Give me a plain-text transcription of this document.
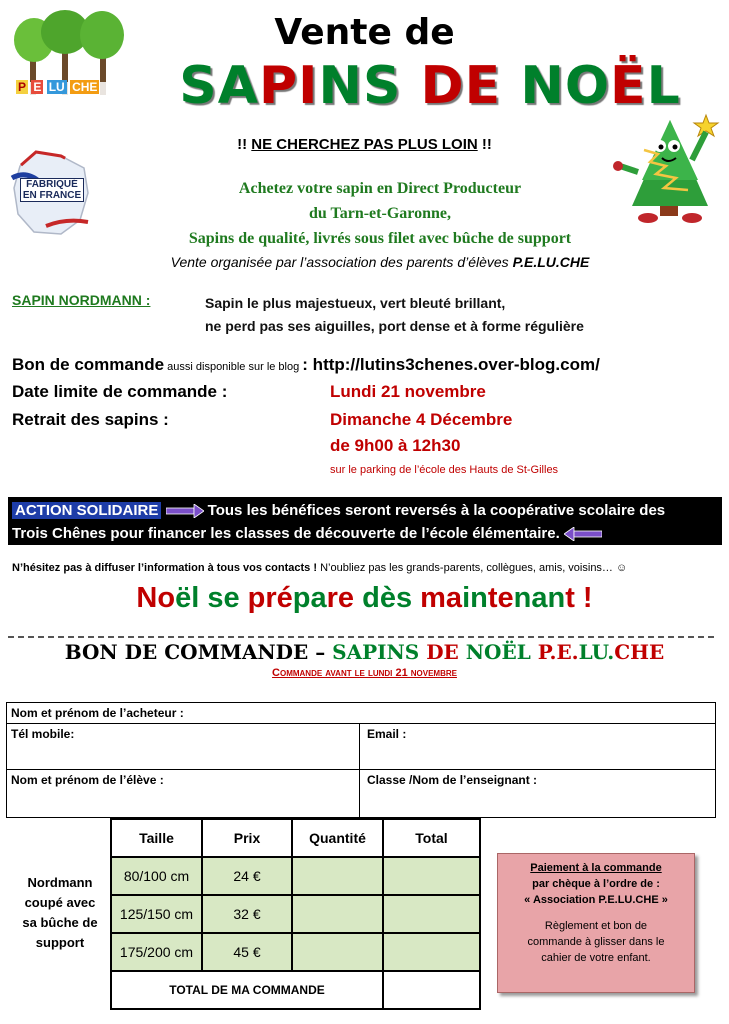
P E LU CHE
FABRIQUÉ
EN FRANCE
Vente de
SAPINS DE NOËL
!! NE CHERCHEZ PAS PLUS LOIN !!
Achetez votre sapin en Direct Producteur
du Tarn-et-Garonne,
Sapins de qualité, livrés sous filet avec bûche de support
Vente organisée par l’association des parents d’élèves P.E.LU.CHE
SAPIN NORDMANN :	Sapin le plus majestueux, vert bleuté brillant,
ne perd pas ses aiguilles, port dense et à forme régulière
Bon de commande aussi disponible sur le blog : http://lutins3chenes.over-blog.com/
Date limite de commande :	Lundi 21 novembre
Retrait des sapins :	Dimanche 4 Décembre
de 9h00 à 12h30
sur le parking de l’école des Hauts de St-Gilles
ACTION SOLIDAIRE	Tous les bénéfices seront reversés à la coopérative scolaire des
Trois Chênes pour financer les classes de découverte de l’école élémentaire.
N’hésitez pas à diffuser l’information à tous vos contacts ! N’oubliez pas les grands-parents, collègues, amis, voisins… ☺
Noël se prépare dès maintenant !
BON DE COMMANDE – SAPINS DE NOËL P.E.LU.CHE
Commande avant le lundi 21 novembre
Nom et prénom de l’acheteur :
Tél mobile:	Email :
Nom et prénom de l’élève :	Classe /Nom de l’enseignant :
Nordmann
coupé avec
sa bûche de
support
Taille	Prix	Quantité	Total
80/100 cm	24 €		
125/150 cm	32 €		
175/200 cm	45 €		
TOTAL DE MA COMMANDE			
Paiement à la commande
par chèque à l’ordre de :
« Association P.E.LU.CHE »
Règlement et bon de
commande à glisser dans le
cahier de votre enfant.
